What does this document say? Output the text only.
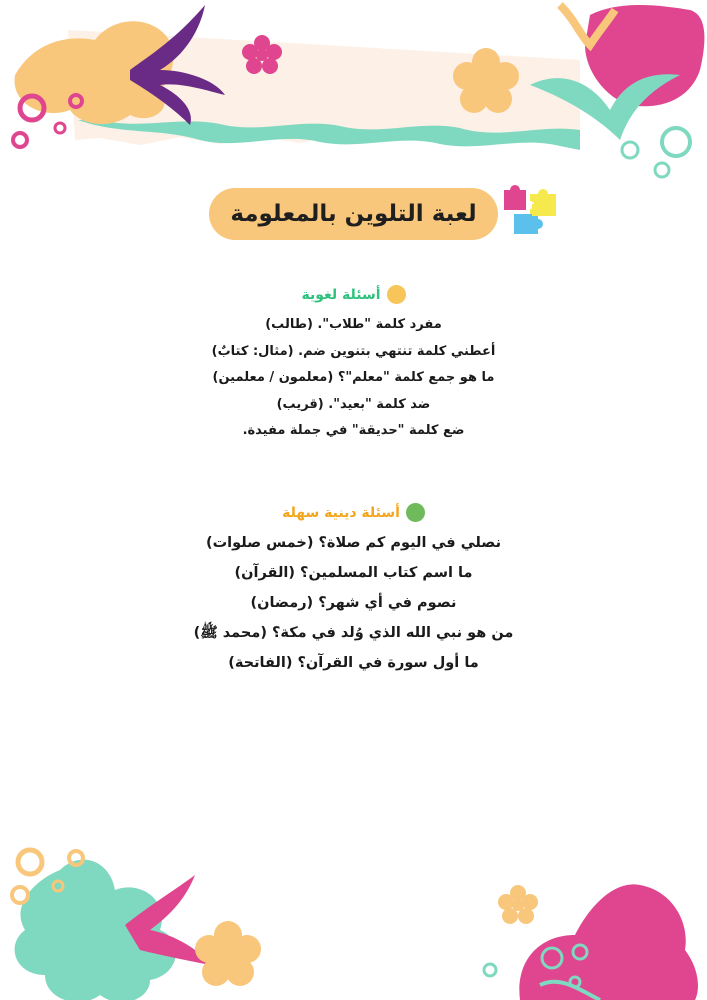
لعبة التلوين بالمعلومة
أسئلة لغوية
مفرد كلمة "طلاب". (طالب)
أعطني كلمة تنتهي بتنوين ضم. (مثال: كتابٌ)
ما هو جمع كلمة "معلم"؟ (معلمون / معلمين)
ضد كلمة "بعيد". (قريب)
ضع كلمة "حديقة" في جملة مفيدة.
أسئلة دينية سهلة
نصلي في اليوم كم صلاة؟ (خمس صلوات)
ما اسم كتاب المسلمين؟ (القرآن)
نصوم في أي شهر؟ (رمضان)
من هو نبي الله الذي وُلد في مكة؟ (محمد ﷺ)
ما أول سورة في القرآن؟ (الفاتحة)
